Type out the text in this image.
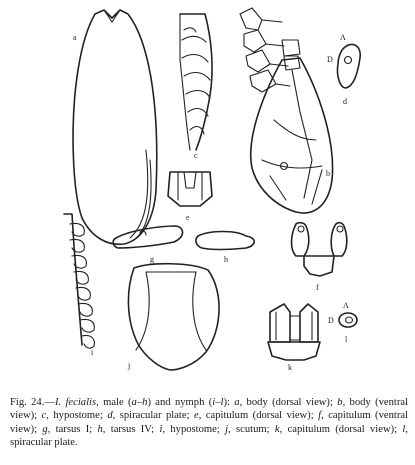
a
c
b
A
D
d
e
i
g	h
f
j	k
A
D
l
Fig. 24.—I. fecialis, male (a–h) and nymph (i–l): a, body (dorsal view); b, body (ventral view); c, hypostome; d, spiracular plate; e, capitulum (dorsal view); f, capitulum (ventral view); g, tarsus I; h, tarsus IV; i, hypostome; j, scutum; k, capitulum (dorsal view); l, spiracular plate.
